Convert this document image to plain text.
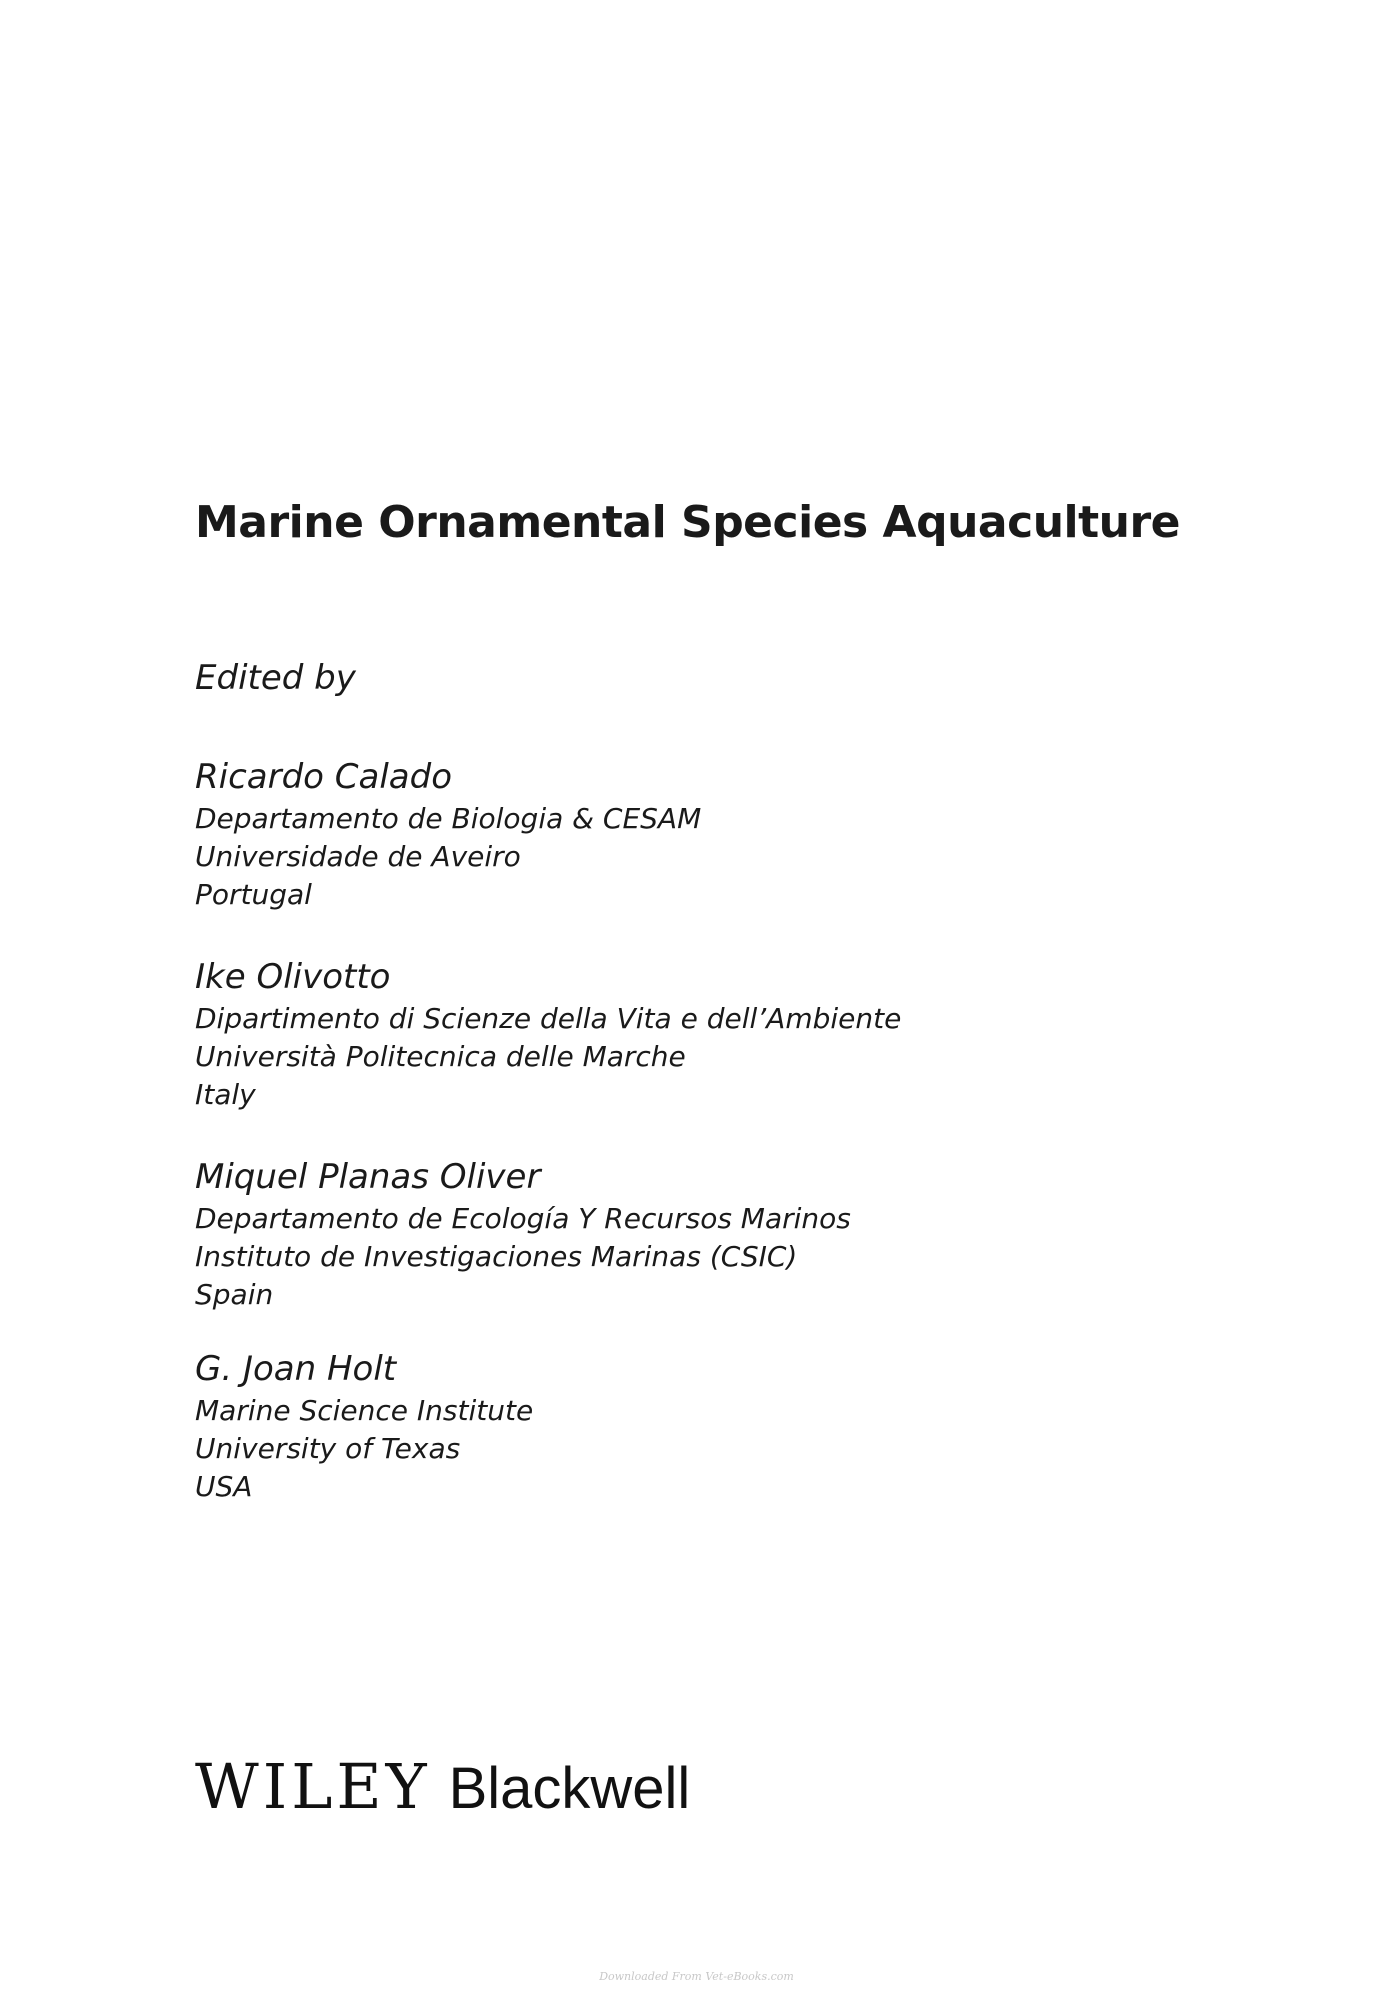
Marine Ornamental Species Aquaculture
Edited by
Ricardo Calado
Departamento de Biologia & CESAM
Universidade de Aveiro
Portugal
Ike Olivotto
Dipartimento di Scienze della Vita e dell’Ambiente
Università Politecnica delle Marche
Italy
Miquel Planas Oliver
Departamento de Ecología Y Recursos Marinos
Instituto de Investigaciones Marinas (CSIC)
Spain
G. Joan Holt
Marine Science Institute
University of Texas
USA
WILEY Blackwell
Downloaded From Vet-eBooks.com
